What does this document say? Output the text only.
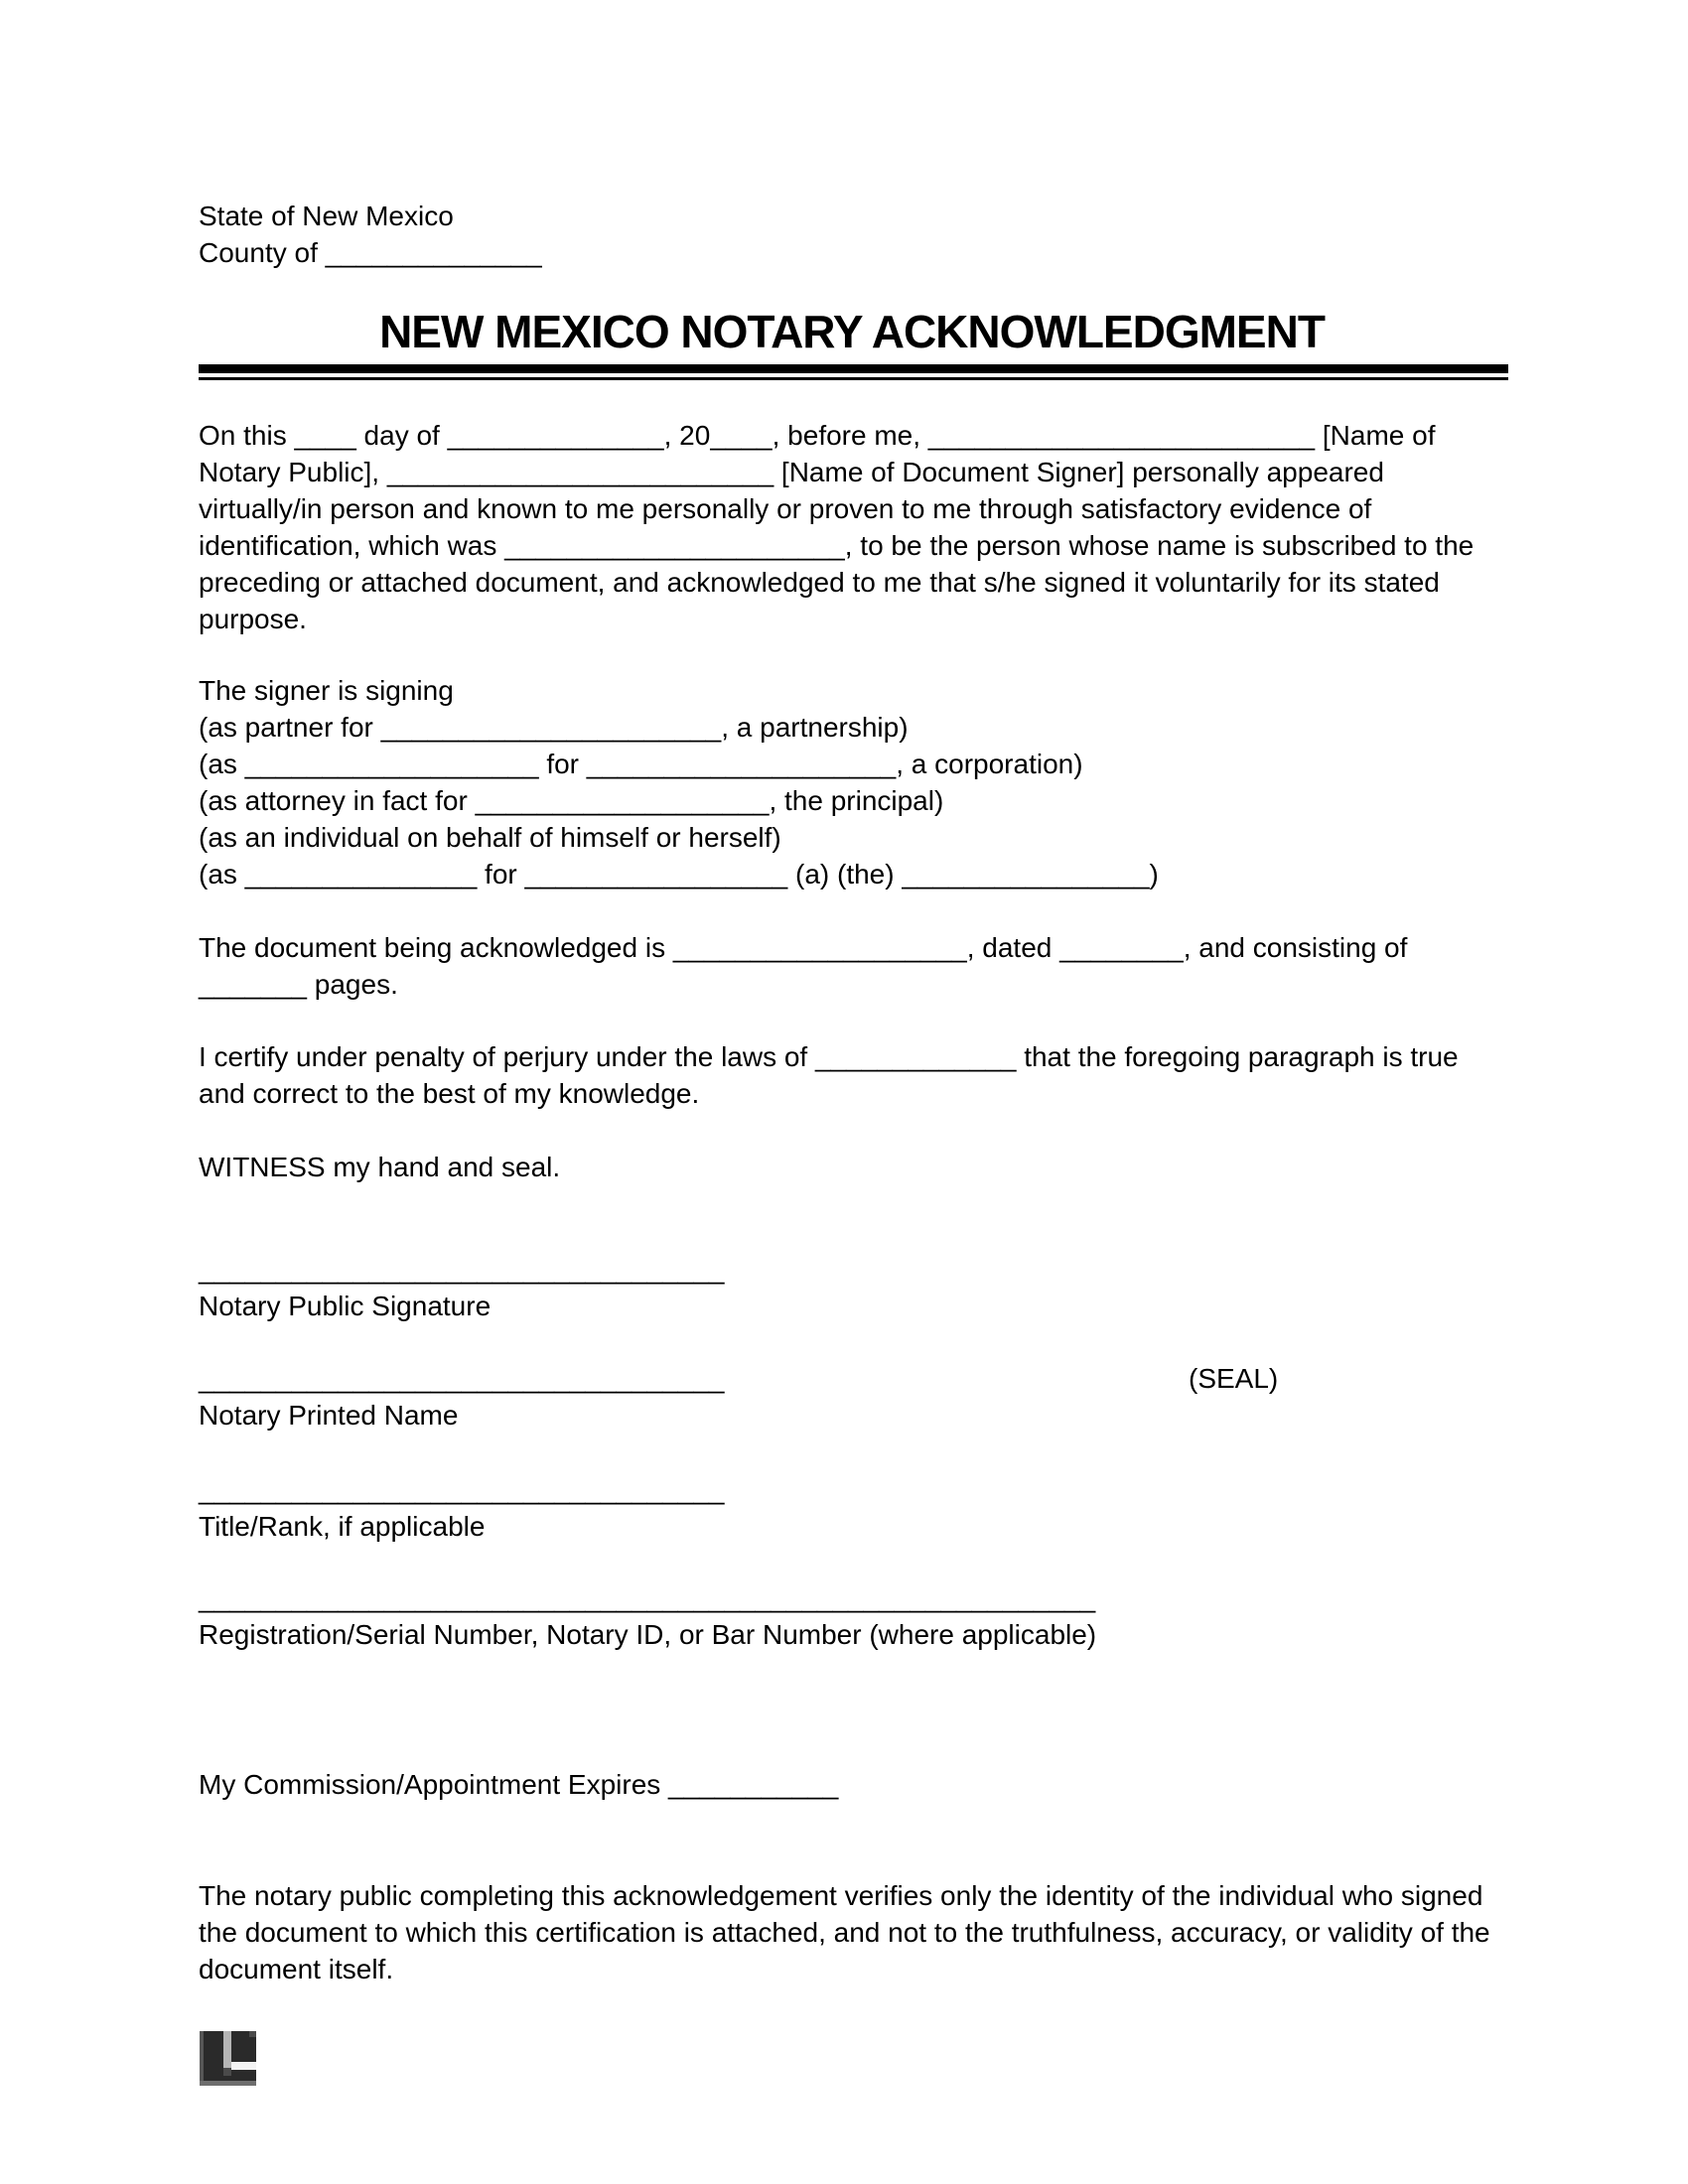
State of New Mexico
County of ______________
NEW MEXICO NOTARY ACKNOWLEDGMENT
On this ____ day of ______________, 20____, before me, _________________________ [Name of Notary Public], _________________________ [Name of Document Signer] personally appeared virtually/in person and known to me personally or proven to me through satisfactory evidence of identification, which was ______________________, to be the person whose name is subscribed to the preceding or attached document, and acknowledged to me that s/he signed it voluntarily for its stated purpose.
The signer is signing
(as partner for ______________________, a partnership)
(as ___________________ for ____________________, a corporation)
(as attorney in fact for ___________________, the principal)
(as an individual on behalf of himself or herself)
(as _______________ for _________________ (a) (the) ________________)
The document being acknowledged is ___________________, dated ________, and consisting of _______ pages.
I certify under penalty of perjury under the laws of _____________ that the foregoing paragraph is true and correct to the best of my knowledge.
WITNESS my hand and seal.
__________________________________
Notary Public Signature
__________________________________	(SEAL)
Notary Printed Name
__________________________________
Title/Rank, if applicable
__________________________________________________________
Registration/Serial Number, Notary ID, or Bar Number (where applicable)
My Commission/Appointment Expires ___________
The notary public completing this acknowledgement verifies only the identity of the individual who signed the document to which this certification is attached, and not to the truthfulness, accuracy, or validity of the document itself.
